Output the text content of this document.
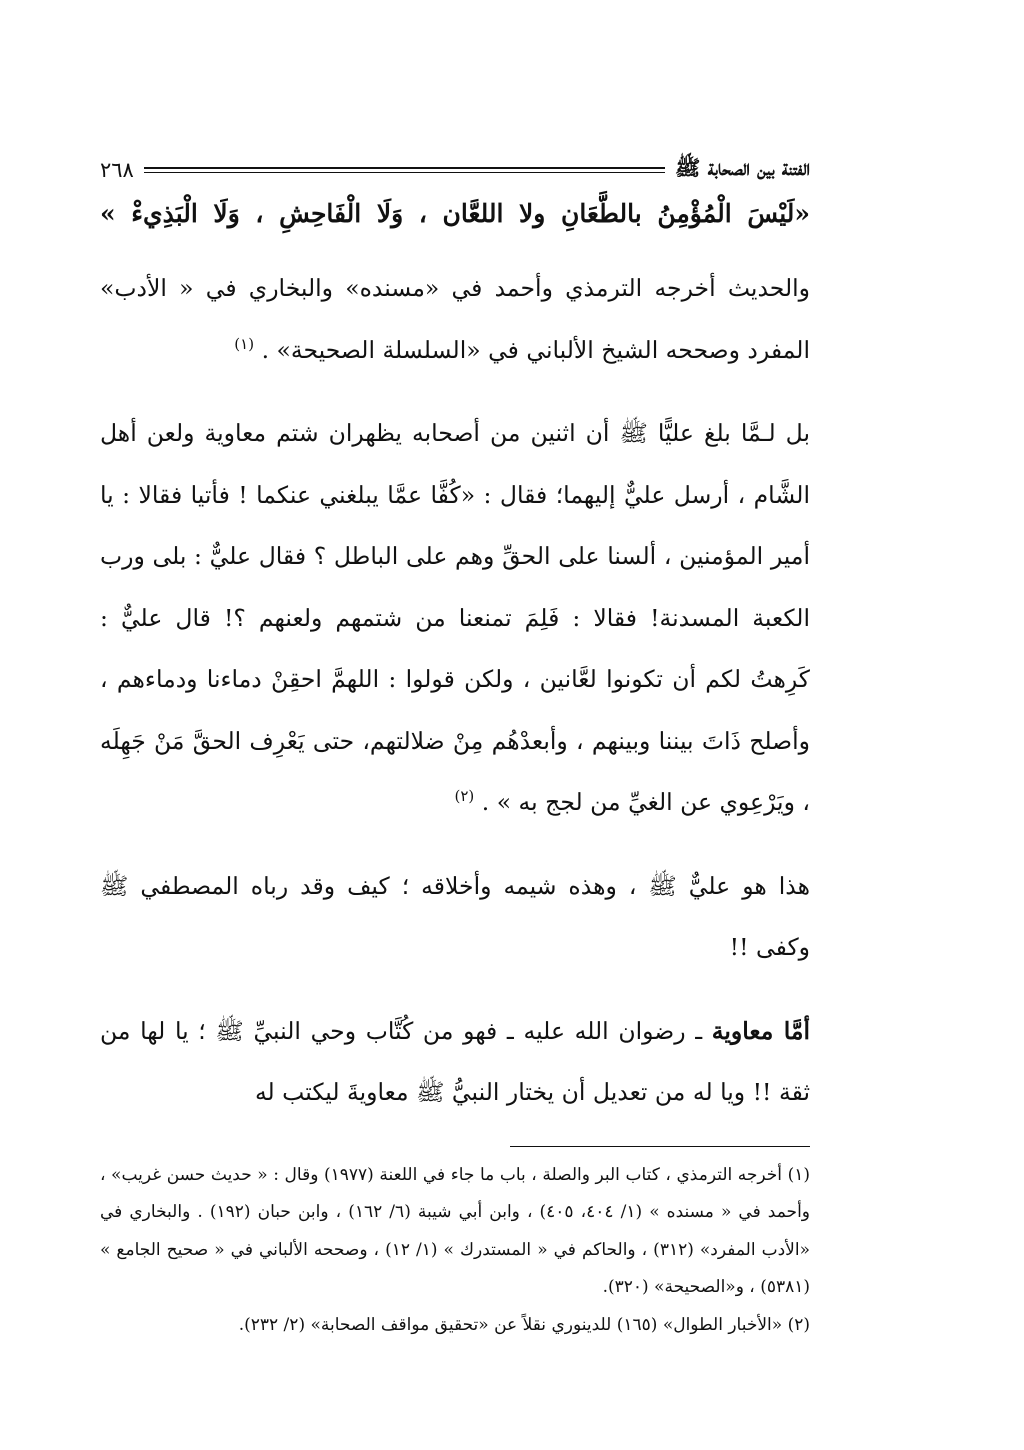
الفتنة بين الصحابة ﷺ
٢٦٨
«لَيْسَ الْمُؤْمِنُ بالطَّعَانِ ولا اللعَّان ، وَلَا الْفَاحِشِ ، وَلَا الْبَذِيءْ »

والحديث أخرجه الترمذي وأحمد في «مسنده» والبخاري في « الأدب» المفرد وصححه الشيخ الألباني في «السلسلة الصحيحة» . $^{(١)}$

بل لـمَّا بلغ عليًّا ﷺ أن اثنين من أصحابه يظهران شتم معاوية ولعن أهل الشَّام ، أرسل عليٌّ إليهما؛ فقال : «كُفَّا عمَّا يبلغني عنكما ! فأتيا فقالا : يا أمير المؤمنين ، ألسنا على الحقِّ وهم على الباطل ؟ فقال عليٌّ : بلى ورب الكعبة المسدنة! فقالا : فَلِمَ تمنعنا من شتمهم ولعنهم ؟! قال عليٌّ : كَرِهتُ لكم أن تكونوا لعَّانين ، ولكن قولوا : اللهمَّ احقِنْ دماءنا ودماءهم ، وأصلح ذَاتَ بيننا وبينهم ، وأبعدْهُم مِنْ ضلالتهم، حتى يَعْرِف الحقَّ مَنْ جَهِلَه ، ويَرْعِوي عن الغيِّ من لجج به » . $^{(٢)}$

هذا هو عليٌّ ﷺ ، وهذه شيمه وأخلاقه ؛ كيف وقد رباه المصطفي ﷺ وكفى !!

أمَّا معاوية ـ رضوان الله عليه ـ فهو من كُتَّاب وحي النبيِّ ﷺ ؛ يا لها من ثقة !! ويا له من تعديل أن يختار النبيُّ ﷺ معاويةَ ليكتب له

(١) أخرجه الترمذي ، كتاب البر والصلة ، باب ما جاء في اللعنة (١٩٧٧) وقال : « حديث حسن غريب» ، وأحمد في « مسنده » (١/ ٤٠٤، ٤٠٥) ، وابن أبي شيبة (٦/ ١٦٢) ، وابن حبان (١٩٢) . والبخاري في «الأدب المفرد» (٣١٢) ، والحاكم في « المستدرك » (١/ ١٢) ، وصححه الألباني في « صحيح الجامع » (٥٣٨١) ، و«الصحيحة» (٣٢٠).

(٢) «الأخبار الطوال» (١٦٥) للدينوري نقلاً عن «تحقيق مواقف الصحابة» (٢/ ٢٣٢).
